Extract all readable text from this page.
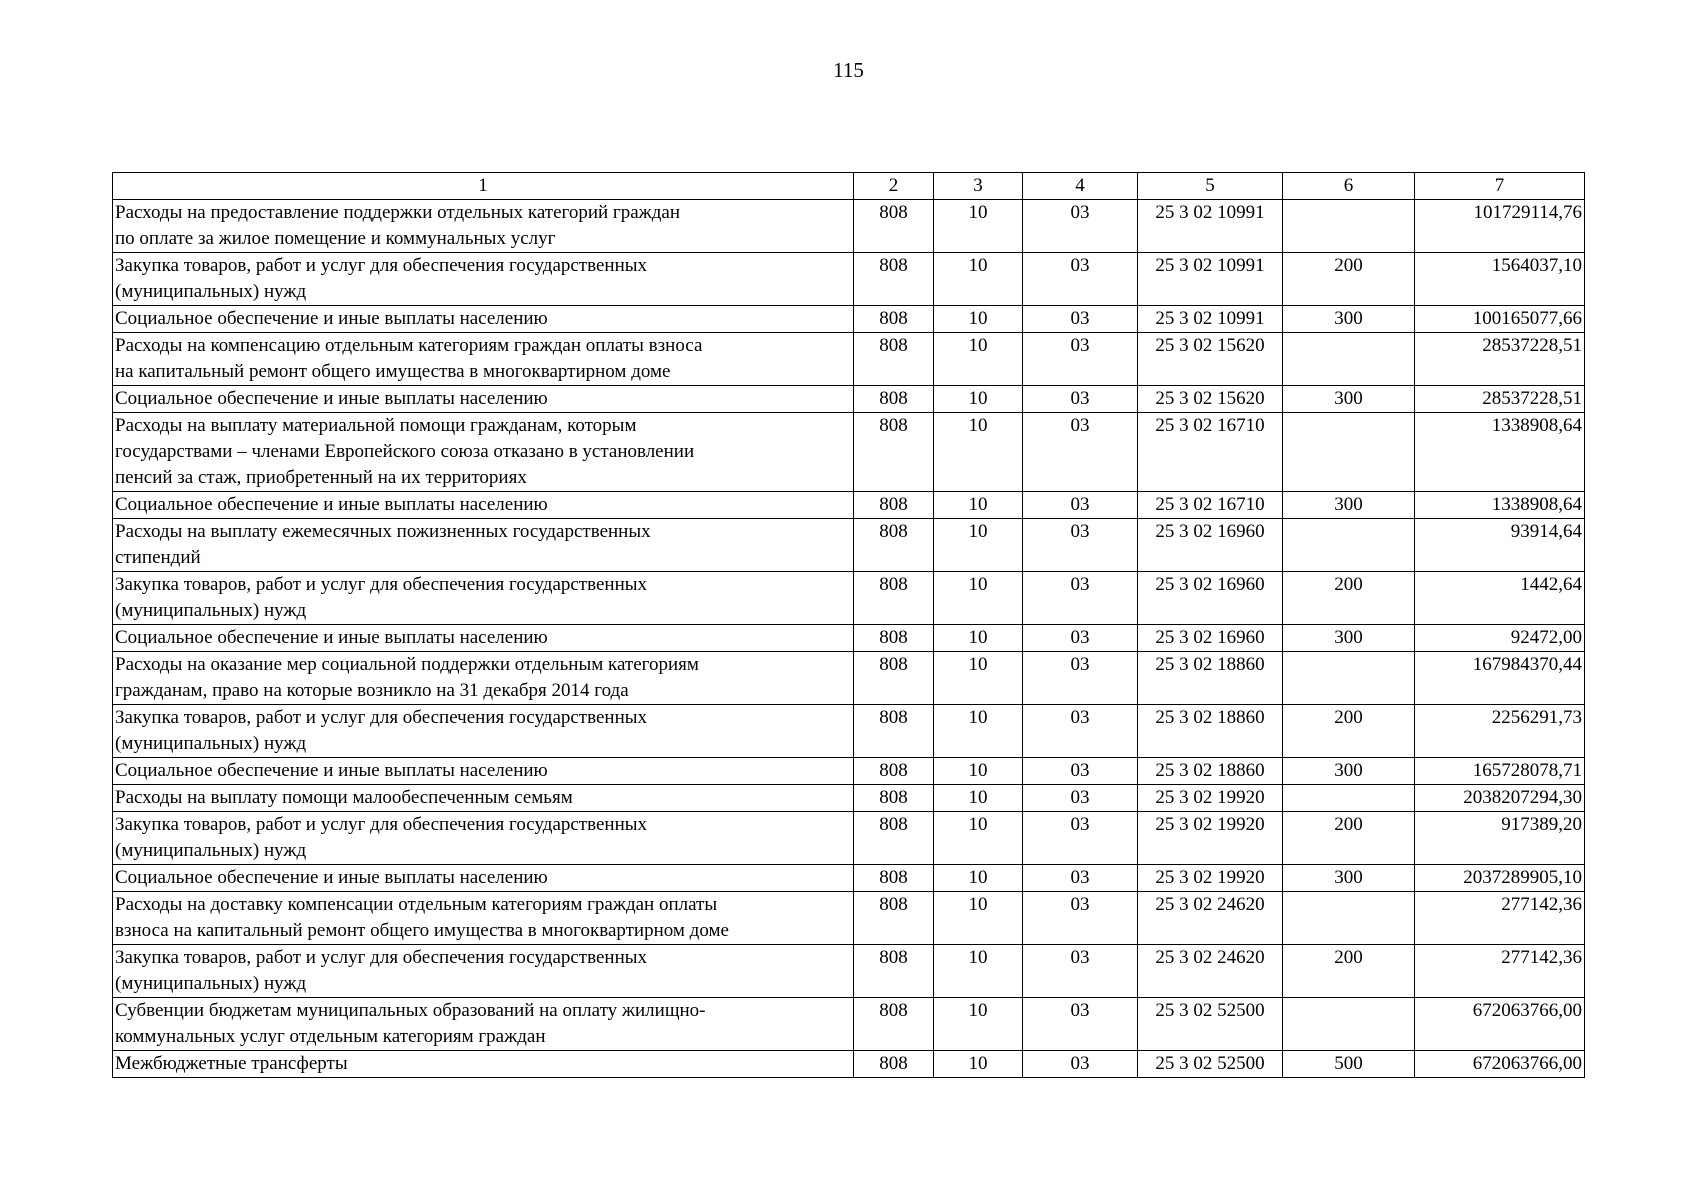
115
1	2	3	4	5	6	7

Расходы на предоставление поддержки отдельных категорий граждан
по оплате за жилое помещение и коммунальных услуг	808	10	03	25 3 02 10991		101729114,76

Закупка товаров, работ и услуг для обеспечения государственных
(муниципальных) нужд	808	10	03	25 3 02 10991	200	1564037,10

Социальное обеспечение и иные выплаты населению	808	10	03	25 3 02 10991	300	100165077,66

Расходы на компенсацию отдельным категориям граждан оплаты взноса
на капитальный ремонт общего имущества в многоквартирном доме	808	10	03	25 3 02 15620		28537228,51

Социальное обеспечение и иные выплаты населению	808	10	03	25 3 02 15620	300	28537228,51

Расходы на выплату материальной помощи гражданам, которым
государствами – членами Европейского союза отказано в установлении
пенсий за стаж, приобретенный на их территориях	808	10	03	25 3 02 16710		1338908,64

Социальное обеспечение и иные выплаты населению	808	10	03	25 3 02 16710	300	1338908,64

Расходы на выплату ежемесячных пожизненных государственных
стипендий	808	10	03	25 3 02 16960		93914,64

Закупка товаров, работ и услуг для обеспечения государственных
(муниципальных) нужд	808	10	03	25 3 02 16960	200	1442,64

Социальное обеспечение и иные выплаты населению	808	10	03	25 3 02 16960	300	92472,00

Расходы на оказание мер социальной поддержки отдельным категориям
гражданам, право на которые возникло на 31 декабря 2014 года	808	10	03	25 3 02 18860		167984370,44

Закупка товаров, работ и услуг для обеспечения государственных
(муниципальных) нужд	808	10	03	25 3 02 18860	200	2256291,73

Социальное обеспечение и иные выплаты населению	808	10	03	25 3 02 18860	300	165728078,71

Расходы на выплату помощи малообеспеченным семьям	808	10	03	25 3 02 19920		2038207294,30

Закупка товаров, работ и услуг для обеспечения государственных
(муниципальных) нужд	808	10	03	25 3 02 19920	200	917389,20

Социальное обеспечение и иные выплаты населению	808	10	03	25 3 02 19920	300	2037289905,10

Расходы на доставку компенсации отдельным категориям граждан оплаты
взноса на капитальный ремонт общего имущества в многоквартирном доме	808	10	03	25 3 02 24620		277142,36

Закупка товаров, работ и услуг для обеспечения государственных
(муниципальных) нужд	808	10	03	25 3 02 24620	200	277142,36

Субвенции бюджетам муниципальных образований на оплату жилищно-
коммунальных услуг отдельным категориям граждан	808	10	03	25 3 02 52500		672063766,00

Межбюджетные трансферты	808	10	03	25 3 02 52500	500	672063766,00
